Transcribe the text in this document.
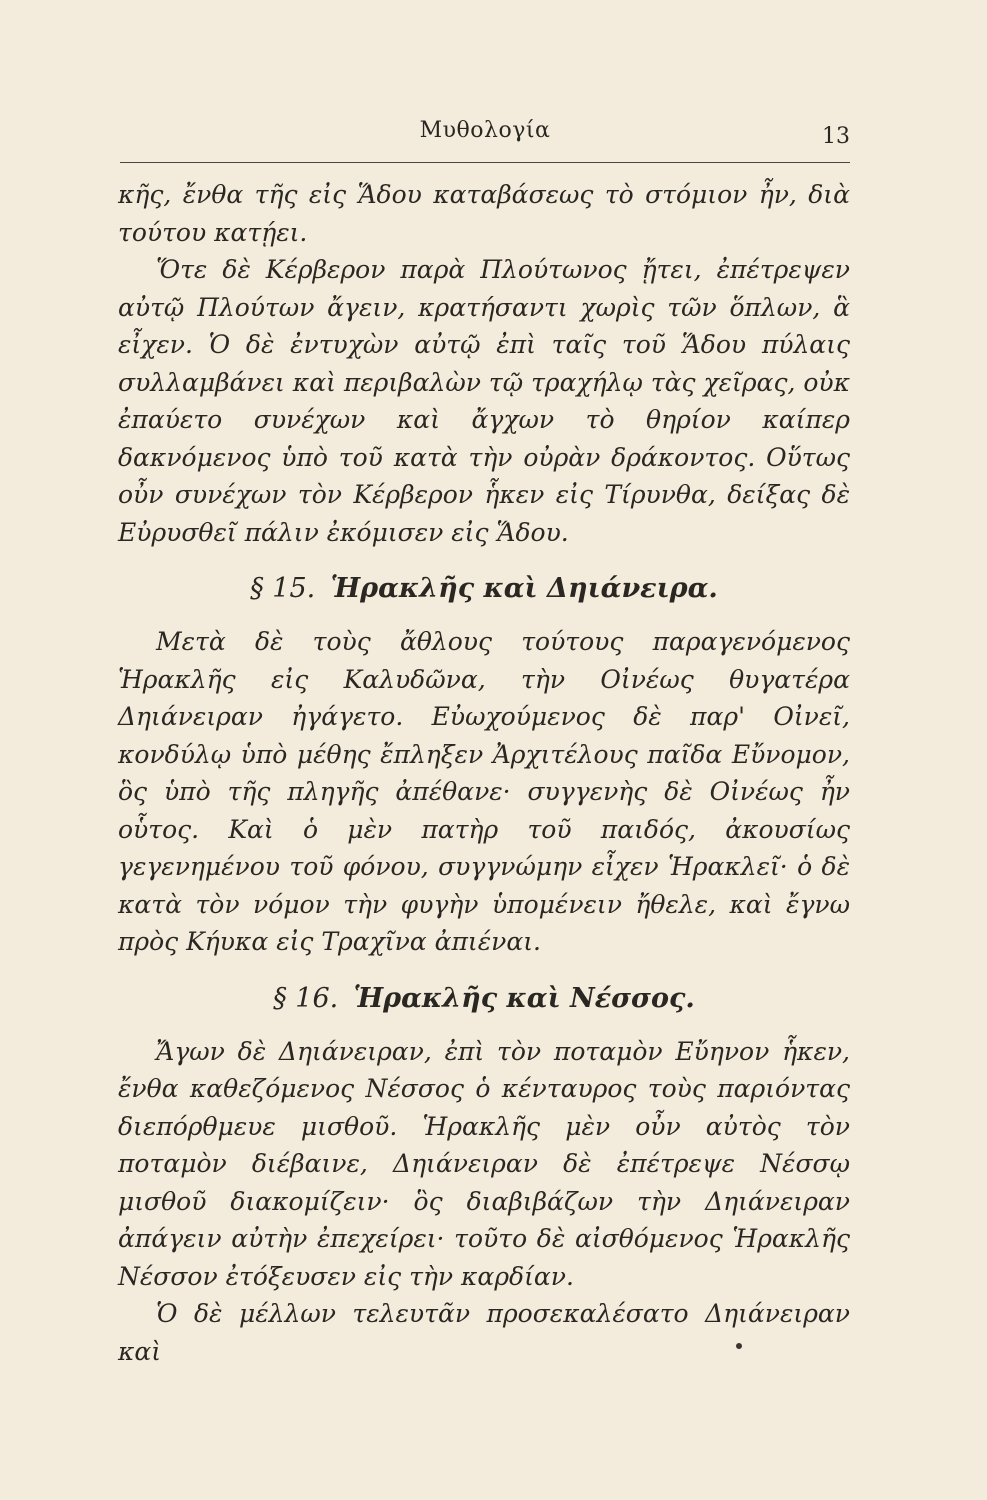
Μυθολογία	13

κῆς, ἔνθα τῆς εἰς Ἅδου καταβάσεως τὸ στόμιον ἦν, διὰ τούτου κατῄει.

Ὅτε δὲ Κέρβερον παρὰ Πλούτωνος ᾔτει, ἐπέτρεψεν αὐτῷ Πλούτων ἄγειν, κρατήσαντι χωρὶς τῶν ὅπλων, ἃ εἶχεν. Ὁ δὲ ἐντυχὼν αὐτῷ ἐπὶ ταῖς τοῦ Ἅδου πύλαις συλλαμβάνει καὶ περιβαλὼν τῷ τραχήλῳ τὰς χεῖρας, οὐκ ἐπαύετο συνέχων καὶ ἄγχων τὸ θηρίον καίπερ δακνόμενος ὑπὸ τοῦ κατὰ τὴν οὐρὰν δράκοντος. Οὕτως οὖν συνέχων τὸν Κέρβερον ἧκεν εἰς Τίρυνθα, δείξας δὲ Εὐρυσθεῖ πάλιν ἐκόμισεν εἰς Ἅδου.

§ 15. Ἡρακλῆς καὶ Δηιάνειρα.

Μετὰ δὲ τοὺς ἄθλους τούτους παραγενόμενος Ἡρακλῆς εἰς Καλυδῶνα, τὴν Οἰνέως θυγατέρα Δηιάνειραν ἠγάγετο. Εὐωχούμενος δὲ παρ' Οἰνεῖ, κονδύλῳ ὑπὸ μέθης ἔπληξεν Ἀρχιτέλους παῖδα Εὔνομον, ὃς ὑπὸ τῆς πληγῆς ἀπέθανε· συγγενὴς δὲ Οἰνέως ἦν οὗτος. Καὶ ὁ μὲν πατὴρ τοῦ παιδός, ἀκουσίως γεγενημένου τοῦ φόνου, συγγνώμην εἶχεν Ἡρακλεῖ· ὁ δὲ κατὰ τὸν νόμον τὴν φυγὴν ὑπομένειν ἤθελε, καὶ ἔγνω πρὸς Κήυκα εἰς Τραχῖνα ἀπιέναι.

§ 16. Ἡρακλῆς καὶ Νέσσος.

Ἄγων δὲ Δηιάνειραν, ἐπὶ τὸν ποταμὸν Εὔηνον ἧκεν, ἔνθα καθεζόμενος Νέσσος ὁ κένταυρος τοὺς παριόντας διεπόρθμευε μισθοῦ. Ἡρακλῆς μὲν οὖν αὐτὸς τὸν ποταμὸν διέβαινε, Δηιάνειραν δὲ ἐπέτρεψε Νέσσῳ μισθοῦ διακομίζειν· ὃς διαβιβάζων τὴν Δηιάνειραν ἀπάγειν αὐτὴν ἐπεχείρει· τοῦτο δὲ αἰσθόμενος Ἡρακλῆς Νέσσον ἐτόξευσεν εἰς τὴν καρδίαν.

Ὁ δὲ μέλλων τελευτᾶν προσεκαλέσατο Δηιάνειραν καὶ
